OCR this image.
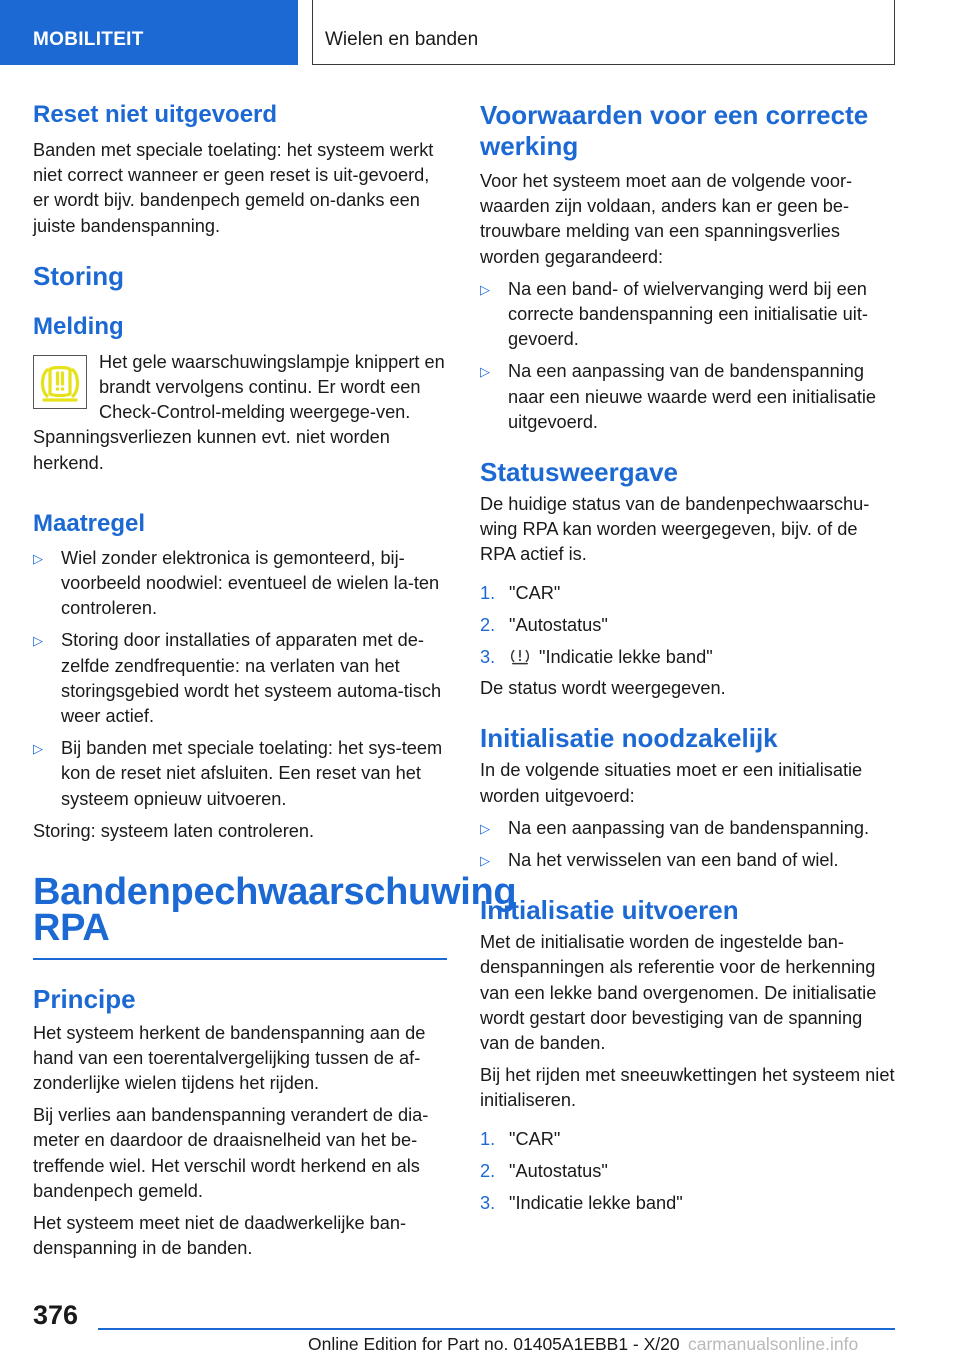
MOBILITEIT	Wielen en banden
Reset niet uitgevoerd

Banden met speciale toelating: het systeem werkt niet correct wanneer er geen reset is uit-gevoerd, er wordt bijv. bandenpech gemeld on-danks een juiste bandenspanning.

Storing
Melding

Het gele waarschuwingslampje knippert en brandt vervolgens continu. Er wordt een Check-Control-melding weergege-ven. Spanningsverliezen kunnen evt. niet worden herkend.

Maatregel
▷ Wiel zonder elektronica is gemonteerd, bij-voorbeeld noodwiel: eventueel de wielen la-ten controleren.
▷ Storing door installaties of apparaten met de-zelfde zendfrequentie: na verlaten van het storingsgebied wordt het systeem automa-tisch weer actief.
▷ Bij banden met speciale toelating: het sys-teem kon de reset niet afsluiten. Een reset van het systeem opnieuw uitvoeren.

Storing: systeem laten controleren.

Bandenpechwaarschuwing RPA
Principe

Het systeem herkent de bandenspanning aan de hand van een toerentalvergelijking tussen de af-zonderlijke wielen tijdens het rijden.

Bij verlies aan bandenspanning verandert de dia-meter en daardoor de draaisnelheid van het be-treffende wiel. Het verschil wordt herkend en als bandenpech gemeld.

Het systeem meet niet de daadwerkelijke ban-denspanning in de banden.

Voorwaarden voor een correcte werking

Voor het systeem moet aan de volgende voor-waarden zijn voldaan, anders kan er geen be-trouwbare melding van een spanningsverlies worden gegarandeerd:

▷ Na een band- of wielvervanging werd bij een correcte bandenspanning een initialisatie uit-gevoerd.
▷ Na een aanpassing van de bandenspanning naar een nieuwe waarde werd een initialisatie uitgevoerd.
Statusweergave

De huidige status van de bandenpechwaarschu-wing RPA kan worden weergegeven, bijv. of de RPA actief is.

1. "CAR"
2. "Autostatus"
3. "Indicatie lekke band"

De status wordt weergegeven.

Initialisatie noodzakelijk

In de volgende situaties moet er een initialisatie worden uitgevoerd:

▷ Na een aanpassing van de bandenspanning.
▷ Na het verwisselen van een band of wiel.
Initialisatie uitvoeren

Met de initialisatie worden de ingestelde ban-denspanningen als referentie voor de herkenning van een lekke band overgenomen. De initialisatie wordt gestart door bevestiging van de spanning van de banden.

Bij het rijden met sneeuwkettingen het systeem niet initialiseren.

1. "CAR"
2. "Autostatus"
3. "Indicatie lekke band"
376
Online Edition for Part no. 01405A1EBB1 - X/20 carmanualsonline.info
